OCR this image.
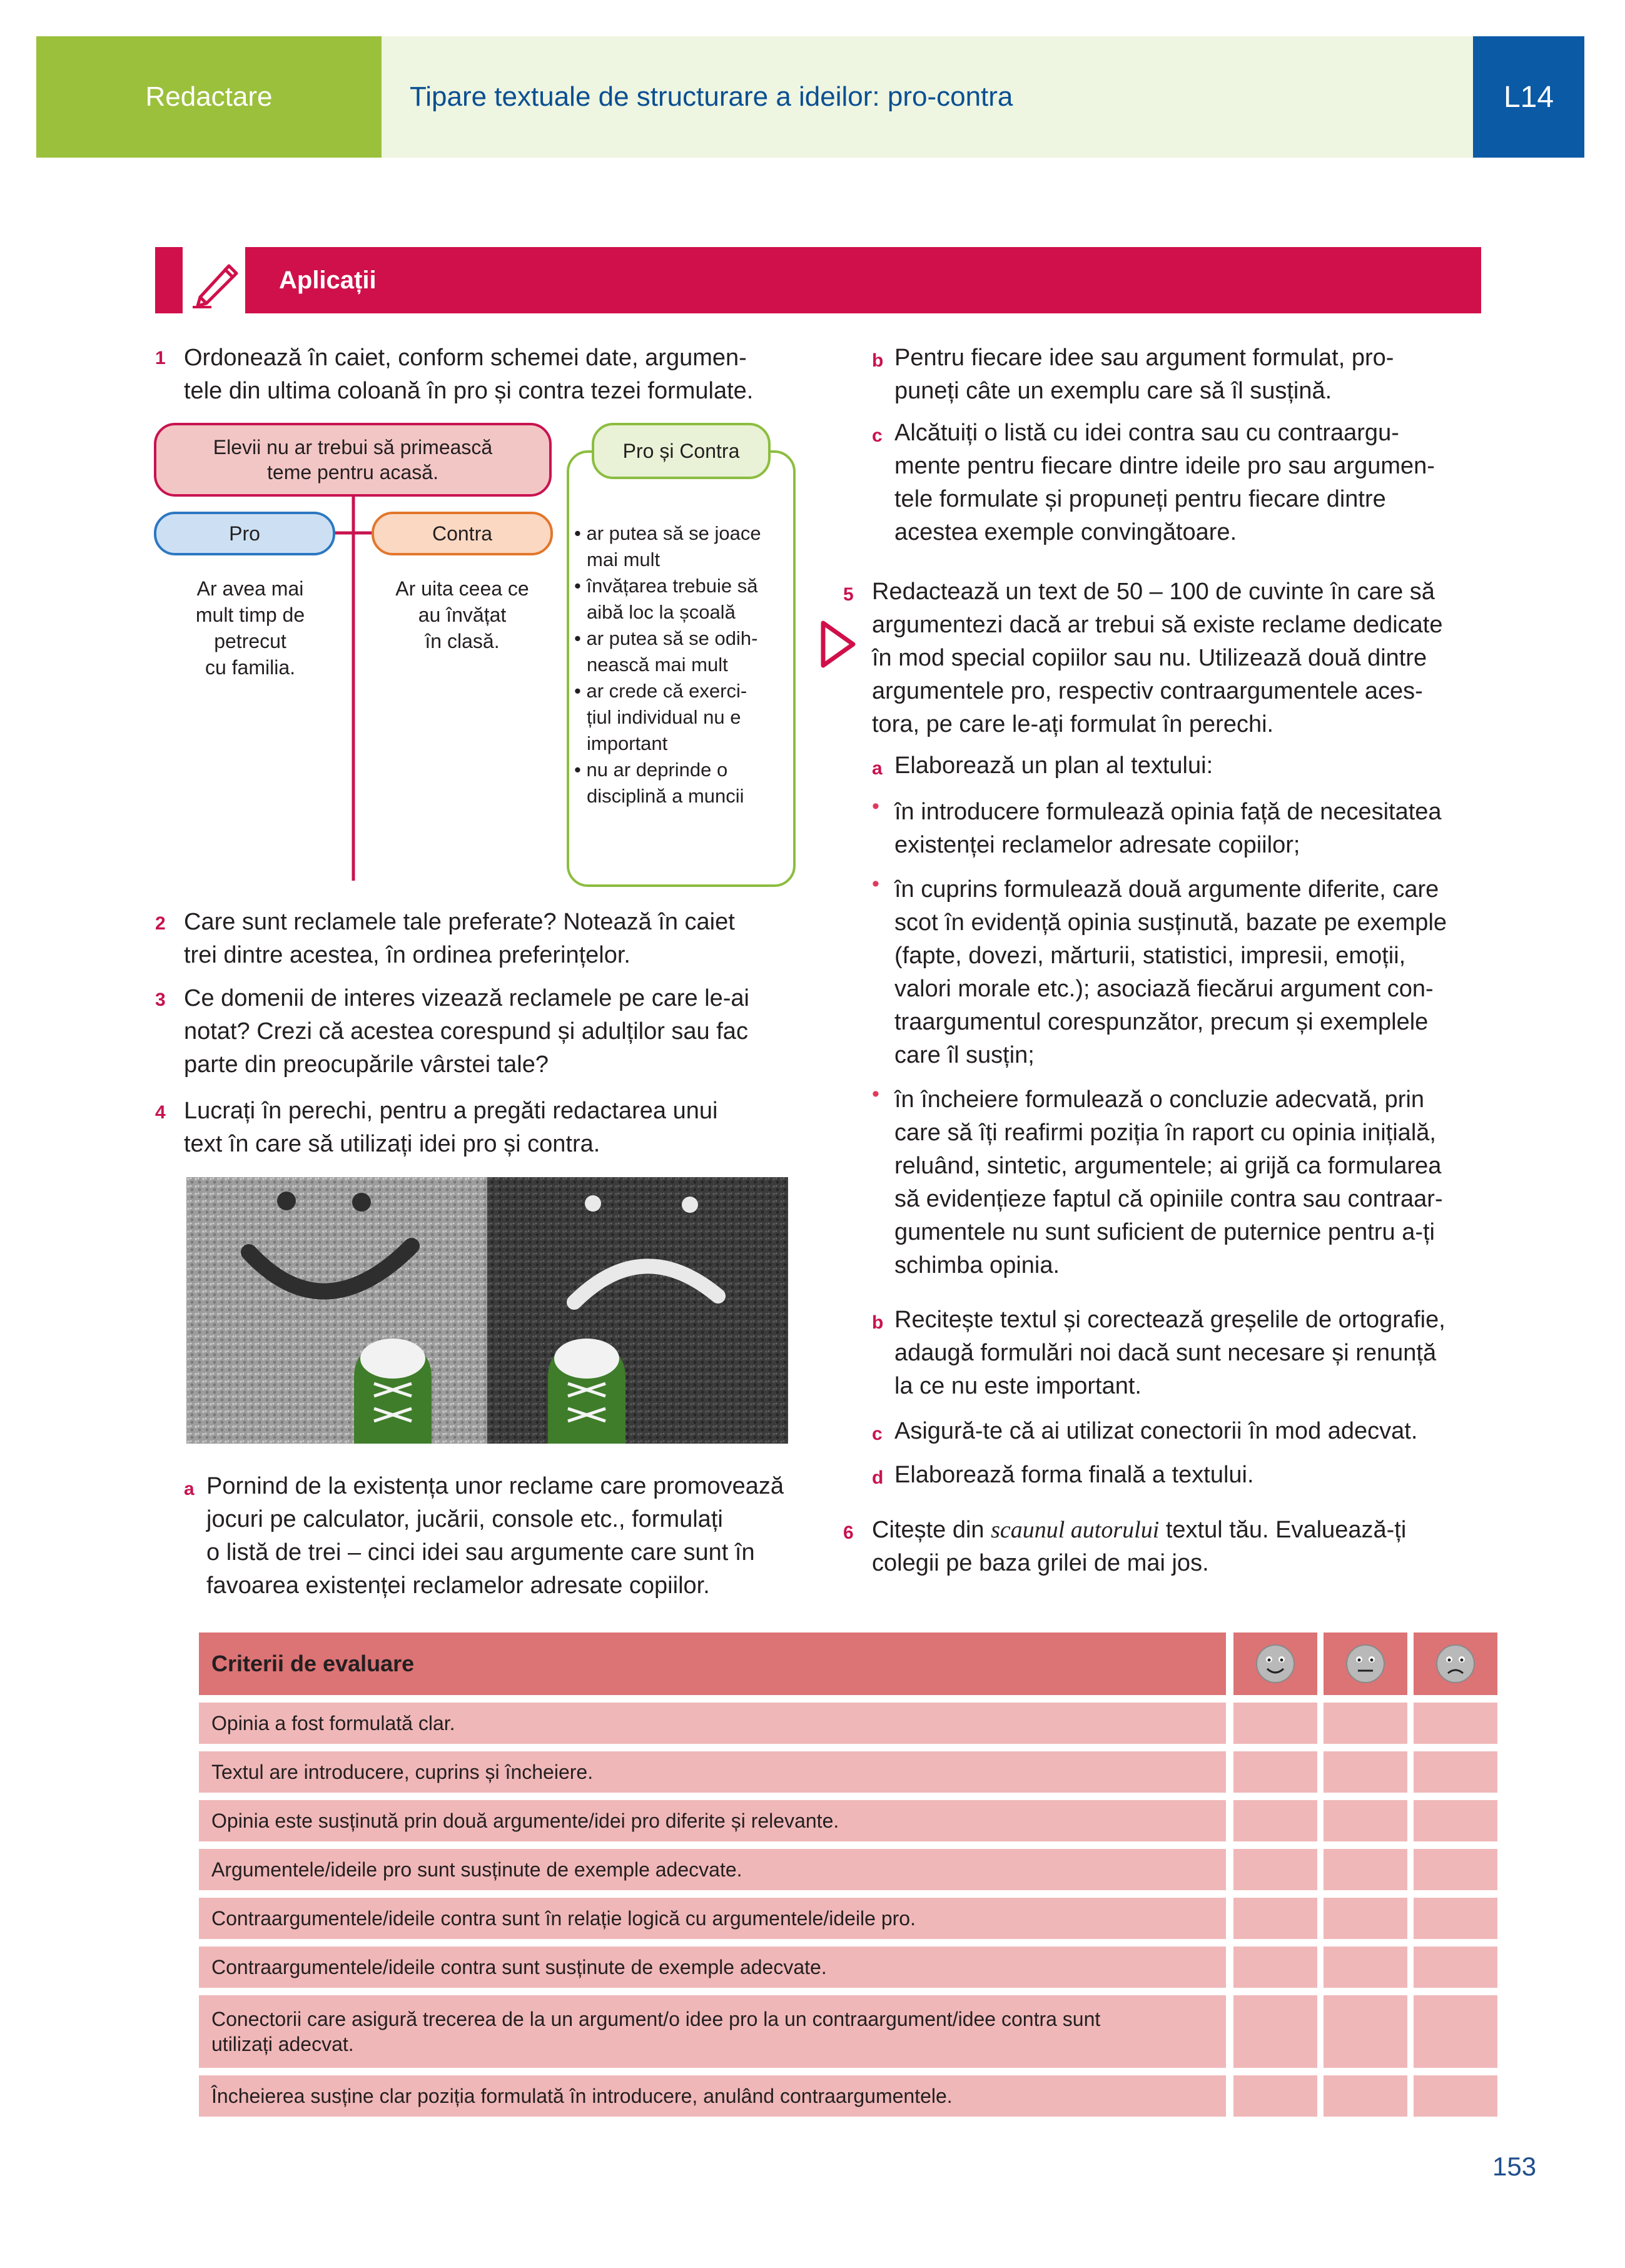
Redactare	Tipare textuale de structurare a ideilor: pro-contra	L14
Aplicații
1 Ordonează în caiet, conform schemei date, argumen-
tele din ultima coloană în pro și contra tezei formulate.
Elevii nu ar trebui să primească
teme pentru acasă.
Pro	Contra
Ar avea mai
mult timp de
petrecut
cu familia.
Ar uita ceea ce
au învățat
în clasă.
Pro și Contra
• ar putea să se joace
mai mult
• învățarea trebuie să
aibă loc la școală
• ar putea să se odih-
nească mai mult
• ar crede că exerci-
țiul individual nu e
important
• nu ar deprinde o
disciplină a muncii
2 Care sunt reclamele tale preferate? Notează în caiet
trei dintre acestea, în ordinea preferințelor.
3 Ce domenii de interes vizează reclamele pe care le-ai
notat? Crezi că acestea corespund și adulților sau fac
parte din preocupările vârstei tale?
4 Lucrați în perechi, pentru a pregăti redactarea unui
text în care să utilizați idei pro și contra.
a Pornind de la existența unor reclame care promovează
jocuri pe calculator, jucării, console etc., formulați
o listă de trei – cinci idei sau argumente care sunt în
favoarea existenței reclamelor adresate copiilor.
b Pentru fiecare idee sau argument formulat, pro-
puneți câte un exemplu care să îl susțină.
c Alcătuiți o listă cu idei contra sau cu contraargu-
mente pentru fiecare dintre ideile pro sau argumen-
tele formulate și propuneți pentru fiecare dintre
acestea exemple convingătoare.
5 Redactează un text de 50 – 100 de cuvinte în care să
argumentezi dacă ar trebui să existe reclame dedicate
în mod special copiilor sau nu. Utilizează două dintre
argumentele pro, respectiv contraargumentele aces-
tora, pe care le-ați formulat în perechi.
a Elaborează un plan al textului:
• în introducere formulează opinia față de necesitatea
existenței reclamelor adresate copiilor;
• în cuprins formulează două argumente diferite, care
scot în evidență opinia susținută, bazate pe exemple
(fapte, dovezi, mărturii, statistici, impresii, emoții,
valori morale etc.); asociază fiecărui argument con-
traargumentul corespunzător, precum și exemplele
care îl susțin;
• în încheiere formulează o concluzie adecvată, prin
care să îți reafirmi poziția în raport cu opinia inițială,
reluând, sintetic, argumentele; ai grijă ca formularea
să evidențieze faptul că opiniile contra sau contraar-
gumentele nu sunt suficient de puternice pentru a-ți
schimba opinia.
b Recitește textul și corectează greșelile de ortografie,
adaugă formulări noi dacă sunt necesare și renunță
la ce nu este important.
c Asigură-te că ai utilizat conectorii în mod adecvat.
d Elaborează forma finală a textului.
6 Citește din scaunul autorului textul tău. Evaluează-ți
colegii pe baza grilei de mai jos.
Criterii de evaluare
Opinia a fost formulată clar.
Textul are introducere, cuprins și încheiere.
Opinia este susținută prin două argumente/idei pro diferite și relevante.
Argumentele/ideile pro sunt susținute de exemple adecvate.
Contraargumentele/ideile contra sunt în relație logică cu argumentele/ideile pro.
Contraargumentele/ideile contra sunt susținute de exemple adecvate.
Conectorii care asigură trecerea de la un argument/o idee pro la un contraargument/idee contra sunt
utilizați adecvat.
Încheierea susține clar poziția formulată în introducere, anulând contraargumentele.
153
